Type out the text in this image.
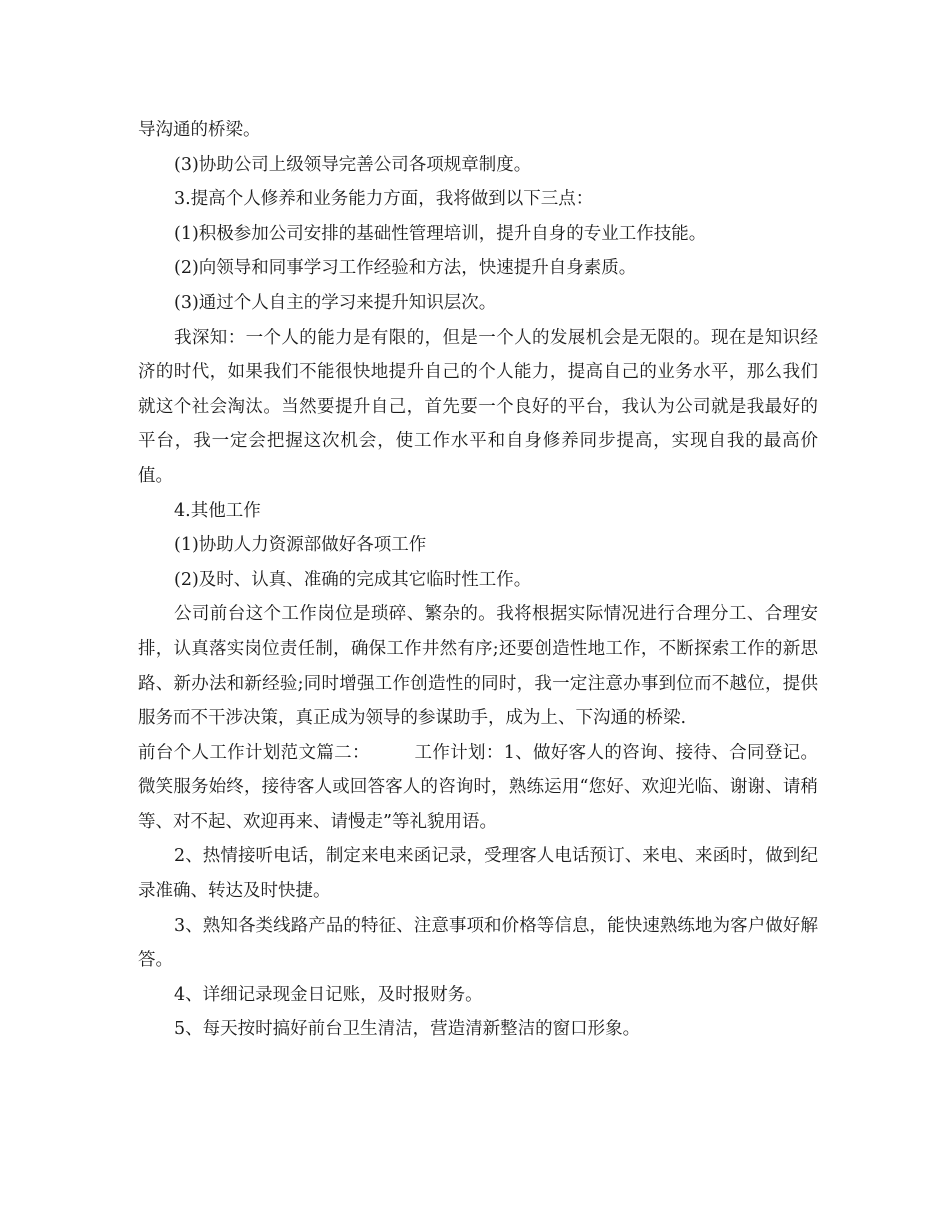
导沟通的桥梁。

(3)协助公司上级领导完善公司各项规章制度。

3.提高个人修养和业务能力方面，我将做到以下三点：

(1)积极参加公司安排的基础性管理培训，提升自身的专业工作技能。

(2)向领导和同事学习工作经验和方法，快速提升自身素质。

(3)通过个人自主的学习来提升知识层次。

我深知：一个人的能力是有限的，但是一个人的发展机会是无限的。现在是知识经济的时代，如果我们不能很快地提升自己的个人能力，提高自己的业务水平，那么我们就这个社会淘汰。当然要提升自己，首先要一个良好的平台，我认为公司就是我最好的平台，我一定会把握这次机会，使工作水平和自身修养同步提高，实现自我的最高价值。

4.其他工作

(1)协助人力资源部做好各项工作

(2)及时、认真、准确的完成其它临时性工作。

公司前台这个工作岗位是琐碎、繁杂的。我将根据实际情况进行合理分工、合理安排，认真落实岗位责任制，确保工作井然有序;还要创造性地工作，不断探索工作的新思路、新办法和新经验;同时增强工作创造性的同时，我一定注意办事到位而不越位，提供服务而不干涉决策，真正成为领导的参谋助手，成为上、下沟通的桥梁.

前台个人工作计划范文篇二：　　　工作计划：1、做好客人的咨询、接待、合同登记。微笑服务始终，接待客人或回答客人的咨询时，熟练运用“您好、欢迎光临、谢谢、请稍等、对不起、欢迎再来、请慢走”等礼貌用语。

2、热情接听电话，制定来电来函记录，受理客人电话预订、来电、来函时，做到纪录准确、转达及时快捷。

3、熟知各类线路产品的特征、注意事项和价格等信息，能快速熟练地为客户做好解答。

4、详细记录现金日记账，及时报财务。

5、每天按时搞好前台卫生清洁，营造清新整洁的窗口形象。
